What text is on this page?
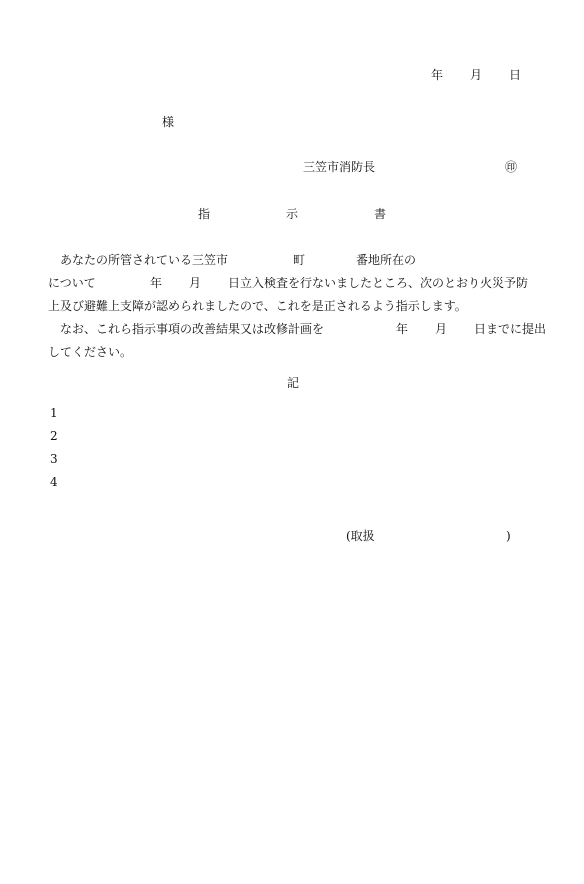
年 月 日
様
三笠市消防長	㊞
指	示	書
あなたの所管されている三笠市	町	番地所在の
について	年 月 日立入検査を行ないましたところ、次のとおり火災予防
上及び避難上支障が認められましたので、これを是正されるよう指示します。
なお、これら指示事項の改善結果又は改修計画を	年 月 日までに提出
してください。
記
1
2
3
4
(取扱	)
